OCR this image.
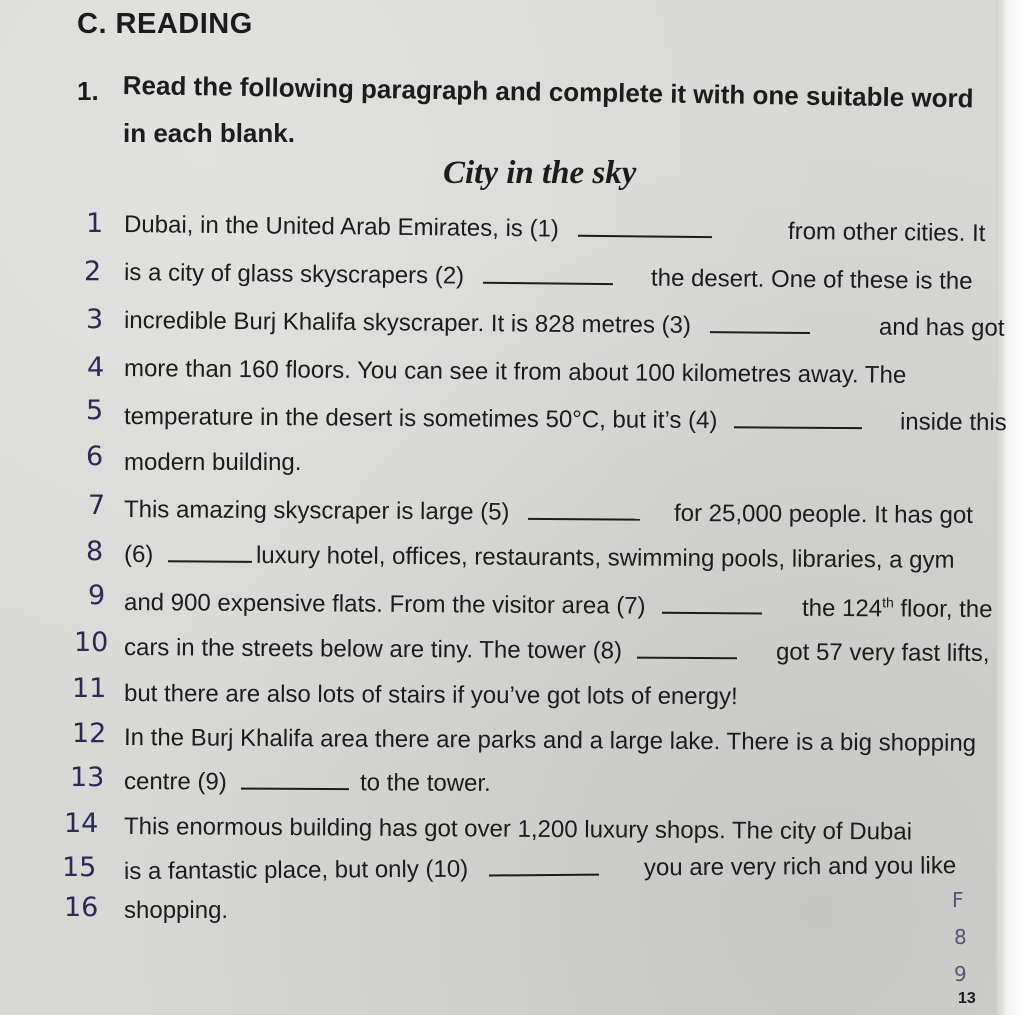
C. READING
1. Read the following paragraph and complete it with one suitable word
in each blank.
City in the sky
1 Dubai, in the United Arab Emirates, is (1)	from other cities. It
2 is a city of glass skyscrapers (2)	the desert. One of these is the
3 incredible Burj Khalifa skyscraper. It is 828 metres (3)	and has got
4 more than 160 floors. You can see it from about 100 kilometres away. The
5 temperature in the desert is sometimes 50°C, but it’s (4)	inside this
6 modern building.
7 This amazing skyscraper is large (5)	for 25,000 people. It has got
8 (6)	luxury hotel, offices, restaurants, swimming pools, libraries, a gym
9 and 900 expensive flats. From the visitor area (7)	the 124th floor, the
10 cars in the streets below are tiny. The tower (8)	got 57 very fast lifts,
11 but there are also lots of stairs if you’ve got lots of energy!
12 In the Burj Khalifa area there are parks and a large lake. There is a big shopping
13 centre (9)	to the tower.
14 This enormous building has got over 1,200 luxury shops. The city of Dubai
15 is a fantastic place, but only (10)	you are very rich and you like
16 shopping.	F
8
9
13
